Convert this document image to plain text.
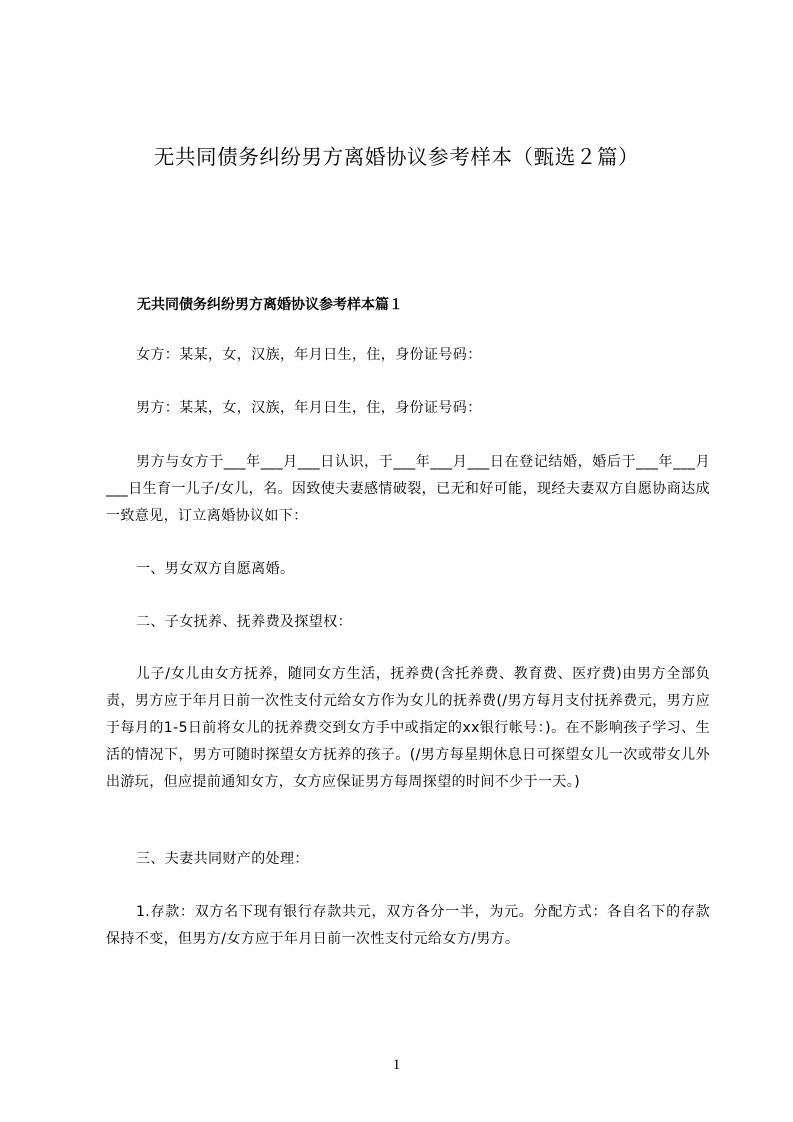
无共同债务纠纷男方离婚协议参考样本（甄选２篇）
无共同债务纠纷男方离婚协议参考样本篇１
女方：某某，女，汉族，年月日生，住，身份证号码：
男方：某某，女，汉族，年月日生，住，身份证号码：
男方与女方于___年___月___日认识，于___年___月___日在登记结婚，婚后于___年___月___日生育一儿子/女儿，名。因致使夫妻感情破裂，已无和好可能，现经夫妻双方自愿协商达成一致意见，订立离婚协议如下：
一、男女双方自愿离婚。
二、子女抚养、抚养费及探望权：
儿子/女儿由女方抚养，随同女方生活，抚养费(含托养费、教育费、医疗费)由男方全部负责，男方应于年月日前一次性支付元给女方作为女儿的抚养费(/男方每月支付抚养费元，男方应于每月的1-5日前将女儿的抚养费交到女方手中或指定的xx银行帐号：)。在不影响孩子学习、生活的情况下，男方可随时探望女方抚养的孩子。(/男方每星期休息日可探望女儿一次或带女儿外出游玩，但应提前通知女方，女方应保证男方每周探望的时间不少于一天。)
三、夫妻共同财产的处理：
1.存款：双方名下现有银行存款共元，双方各分一半，为元。分配方式：各自名下的存款保持不变，但男方/女方应于年月日前一次性支付元给女方/男方。
1
